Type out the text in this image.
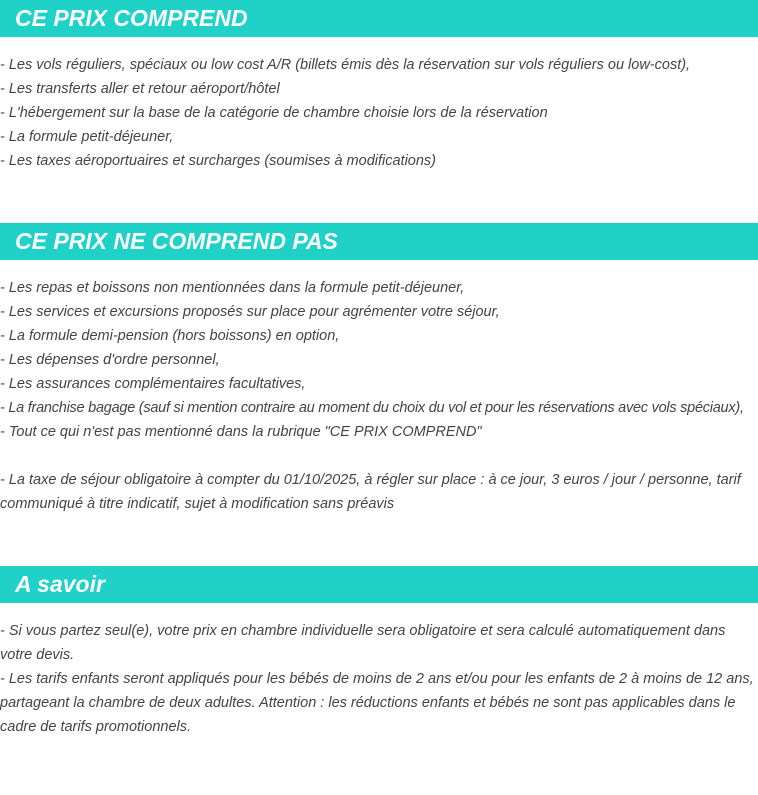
CE PRIX COMPREND
- Les vols réguliers, spéciaux ou low cost A/R (billets émis dès la réservation sur vols réguliers ou low-cost),
- Les transferts aller et retour aéroport/hôtel
- L'hébergement sur la base de la catégorie de chambre choisie lors de la réservation
- La formule petit-déjeuner,
- Les taxes aéroportuaires et surcharges (soumises à modifications)
CE PRIX NE COMPREND PAS
- Les repas et boissons non mentionnées dans la formule petit-déjeuner,
- Les services et excursions proposés sur place pour agrémenter votre séjour,
- La formule demi-pension (hors boissons) en option,
- Les dépenses d'ordre personnel,
- Les assurances complémentaires facultatives,
- La franchise bagage (sauf si mention contraire au moment du choix du vol et pour les réservations avec vols spéciaux),
- Tout ce qui n'est pas mentionné dans la rubrique "CE PRIX COMPREND"
- La taxe de séjour obligatoire à compter du 01/10/2025, à régler sur place : à ce jour, 3 euros / jour / personne, tarif communiqué à titre indicatif, sujet à modification sans préavis
A savoir
- Si vous partez seul(e), votre prix en chambre individuelle sera obligatoire et sera calculé automatiquement dans votre devis.
- Les tarifs enfants seront appliqués pour les bébés de moins de 2 ans et/ou pour les enfants de 2 à moins de 12 ans, partageant la chambre de deux adultes. Attention : les réductions enfants et bébés ne sont pas applicables dans le cadre de tarifs promotionnels.
